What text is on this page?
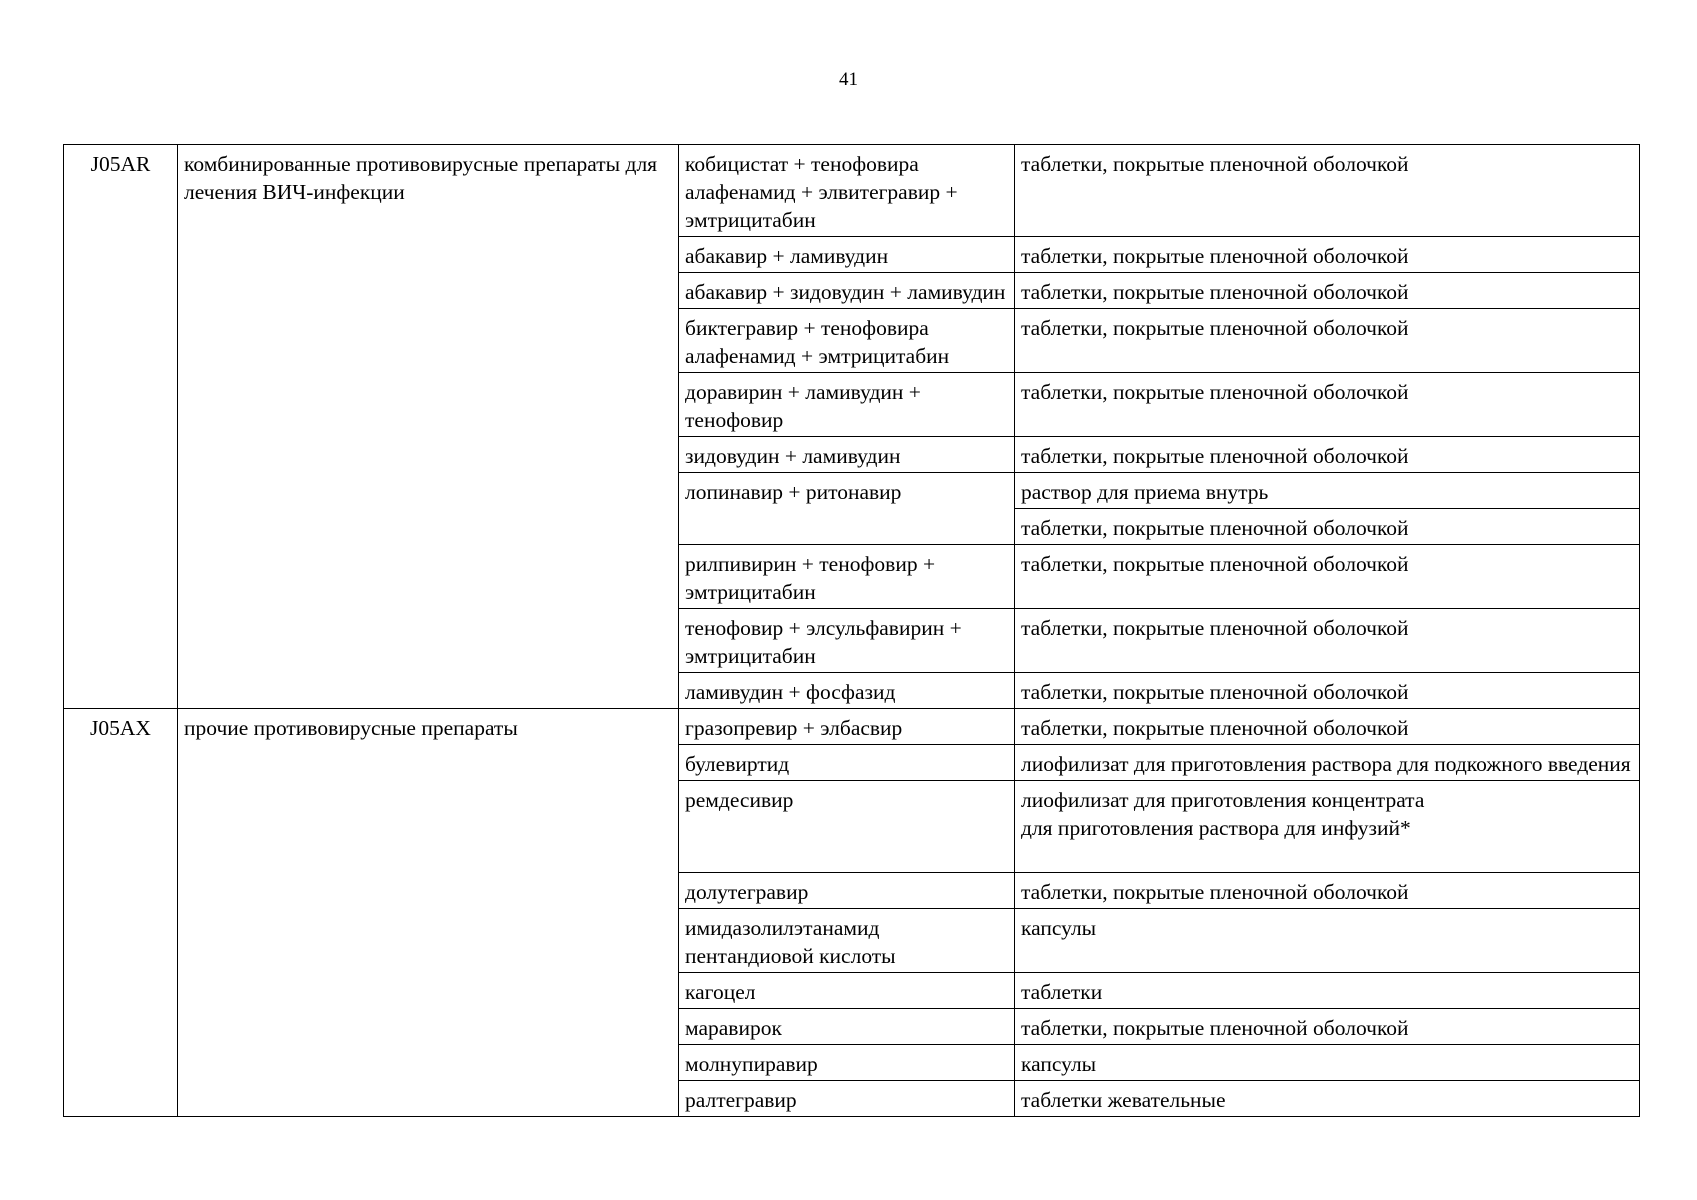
41
J05AR	комбинированные противовирусные препараты для лечения ВИЧ-инфекции	кобицистат + тенофовира алафенамид + элвитегравир + эмтрицитабин	таблетки, покрытые пленочной оболочкой
		абакавир + ламивудин	таблетки, покрытые пленочной оболочкой
		абакавир + зидовудин + ламивудин	таблетки, покрытые пленочной оболочкой
		биктегравир + тенофовира алафенамид + эмтрицитабин	таблетки, покрытые пленочной оболочкой
		доравирин + ламивудин + тенофовир	таблетки, покрытые пленочной оболочкой
		зидовудин + ламивудин	таблетки, покрытые пленочной оболочкой
		лопинавир + ритонавир	раствор для приема внутрь
			таблетки, покрытые пленочной оболочкой
		рилпивирин + тенофовир + эмтрицитабин	таблетки, покрытые пленочной оболочкой
		тенофовир + элсульфавирин + эмтрицитабин	таблетки, покрытые пленочной оболочкой
		ламивудин + фосфазид	таблетки, покрытые пленочной оболочкой
J05AX	прочие противовирусные препараты	гразопревир + элбасвир	таблетки, покрытые пленочной оболочкой
		булевиртид	лиофилизат для приготовления раствора для подкожного введения
		ремдесивир	лиофилизат для приготовления концентрата
для приготовления раствора для инфузий*
		долутегравир	таблетки, покрытые пленочной оболочкой
		имидазолилэтанамид пентандиовой кислоты	капсулы
		кагоцел	таблетки
		маравирок	таблетки, покрытые пленочной оболочкой
		молнупиравир	капсулы
		ралтегравир	таблетки жевательные
